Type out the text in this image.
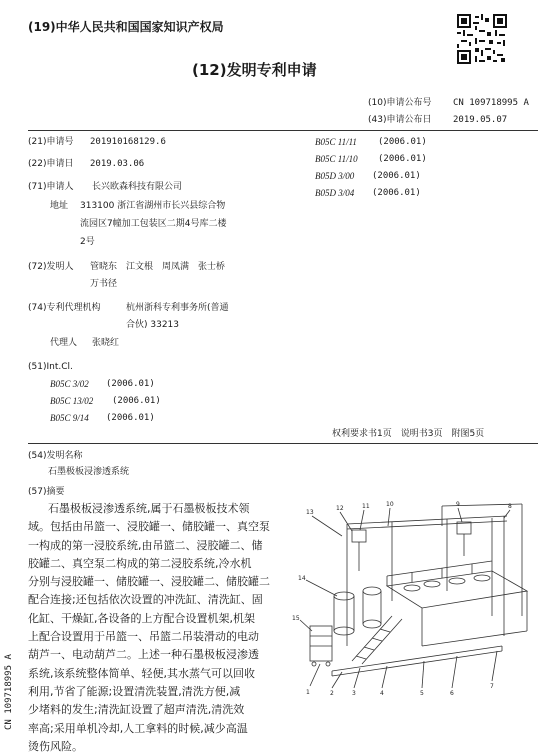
(19)中华人民共和国国家知识产权局
(12)发明专利申请
(10)申请公布号 CN 109718995 A
(43)申请公布日 2019.05.07
(21)申请号 201910168129.6
(22)申请日 2019.03.06
(71)申请人 长兴欧森科技有限公司
地址 313100 浙江省湖州市长兴县综合物
流园区7幢加工包装区二期4号库二楼
2号
(72)发明人 管晓东　江文根　周凤满　张士桥
万书径
(74)专利代理机构	杭州浙科专利事务所(普通
合伙) 33213
代理人 张晓红
(51)Int.Cl.
B05C 3/02 (2006.01)
B05C 13/02 (2006.01)
B05C 9/14 (2006.01)
B05C 11/11 (2006.01)
B05C 11/10 (2006.01)
B05D 3/00 (2006.01)
B05D 3/04 (2006.01)
权利要求书1页　说明书3页　附图5页
(54)发明名称
石墨极板浸渗透系统
(57)摘要
石墨极板浸渗透系统,属于石墨极板技术领
域。包括由吊篮一、浸胶罐一、储胶罐一、真空泵
一构成的第一浸胶系统,由吊篮二、浸胶罐二、储
胶罐二、真空泵二构成的第二浸胶系统,冷水机
分别与浸胶罐一、储胶罐一、浸胶罐二、储胶罐二
配合连接;还包括依次设置的冲洗缸、清洗缸、固
化缸、干燥缸,各设备的上方配合设置机架,机架
上配合设置用于吊篮一、吊篮二吊装滑动的电动
葫芦一、电动葫芦二。上述一种石墨极板浸渗透
系统,该系统整体简单、轻便,其水蒸气可以回收
利用,节省了能源;设置清洗装置,清洗方便,减
少堵料的发生;清洗缸设置了超声清洗,清洗效
率高;采用单机冷却,人工拿料的时候,减少高温
烫伤风险。
CN 109718995 A
13
12	11	10	9	8
14
15
1	2	3	4	5	6
7
